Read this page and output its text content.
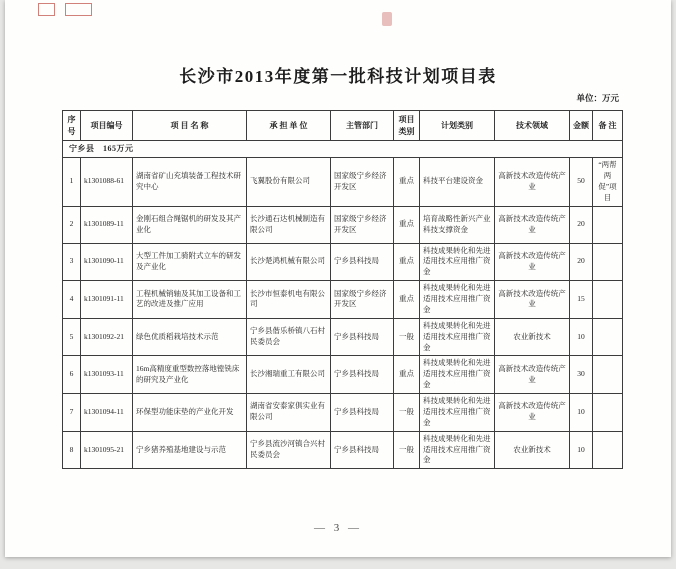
长沙市2013年度第一批科技计划项目表
单位：万元
序号	项目编号	项 目 名 称	承 担 单 位	主管部门	项目类别	计划类别	技术领域	金额	备 注
宁乡县　165万元									
1	k1301088-61	湖南省矿山充填装备工程技术研究中心	飞翼股份有限公司	国家级宁乡经济开发区	重点	科技平台建设资金	高新技术改造传统产业	50	“两帮两促”项目
2	k1301089-11	金刚石组合绳锯机的研发及其产业化	长沙通石达机械制造有限公司	国家级宁乡经济开发区	重点	培育战略性新兴产业科技支撑资金	高新技术改造传统产业	20	
3	k1301090-11	大型工件加工骑附式立车的研发及产业化	长沙楚鸿机械有限公司	宁乡县科技局	重点	科技成果转化和先进适用技术应用推广资金	高新技术改造传统产业	20	
4	k1301091-11	工程机械销轴及其加工设备和工艺的改进及推广应用	长沙市恒泰机电有限公司	国家级宁乡经济开发区	重点	科技成果转化和先进适用技术应用推广资金	高新技术改造传统产业	15	
5	k1301092-21	绿色优质稻栽培技术示范	宁乡县偕乐桥镇八石村民委员会	宁乡县科技局	一般	科技成果转化和先进适用技术应用推广资金	农业新技术	10	
6	k1301093-11	16m高精度重型数控落地镗铣床的研究及产业化	长沙湘瑞重工有限公司	宁乡县科技局	重点	科技成果转化和先进适用技术应用推广资金	高新技术改造传统产业	30	
7	k1301094-11	环保型功能床垫的产业化开发	湖南省安泰家俱实业有限公司	宁乡县科技局	一般	科技成果转化和先进适用技术应用推广资金	高新技术改造传统产业	10	
8	k1301095-21	宁乡猪养殖基地建设与示范	宁乡县流沙河镇合兴村民委员会	宁乡县科技局	一般	科技成果转化和先进适用技术应用推广资金	农业新技术	10	
— 3 —
